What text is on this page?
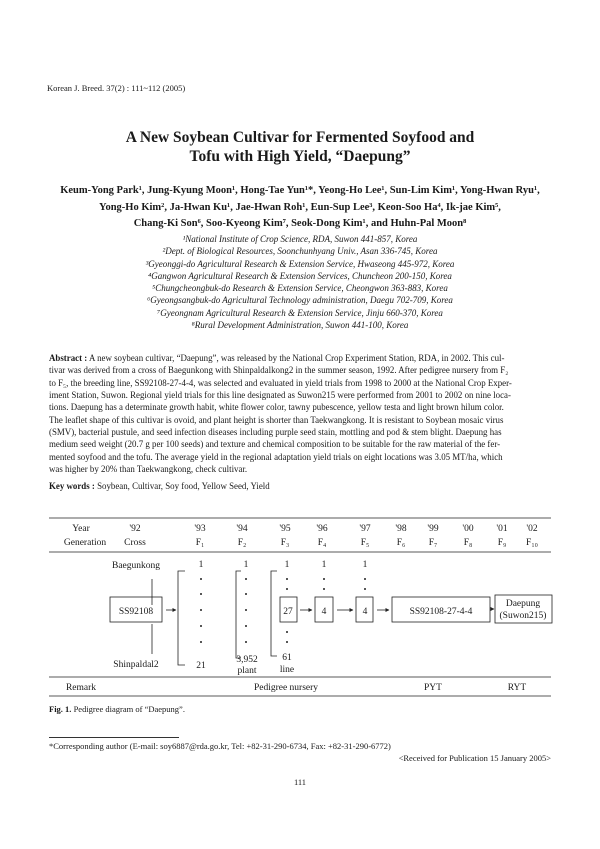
Korean J. Breed. 37(2) : 111~112 (2005)
A New Soybean Cultivar for Fermented Soyfood and
Tofu with High Yield, “Daepung”
Keum-Yong Park¹, Jung-Kyung Moon¹, Hong-Tae Yun¹*, Yeong-Ho Lee¹, Sun-Lim Kim¹, Yong-Hwan Ryu¹,
Yong-Ho Kim², Ja-Hwan Ku¹, Jae-Hwan Roh¹, Eun-Sup Lee³, Keon-Soo Ha⁴, Ik-jae Kim⁵,
Chang-Ki Son⁶, Soo-Kyeong Kim⁷, Seok-Dong Kim¹, and Huhn-Pal Moon⁸
¹National Institute of Crop Science, RDA, Suwon 441-857, Korea
²Dept. of Biological Resources, Soonchunhyang Univ., Asan 336-745, Korea
³Gyeonggi-do Agricultural Research & Extension Service, Hwaseong 445-972, Korea
⁴Gangwon Agricultural Research & Extension Services, Chuncheon 200-150, Korea
⁵Chungcheongbuk-do Research & Extension Service, Cheongwon 363-883, Korea
⁶Gyeongsangbuk-do Agricultural Technology administration, Daegu 702-709, Korea
⁷Gyeongnam Agricultural Research & Extension Service, Jinju 660-370, Korea
⁸Rural Development Administration, Suwon 441-100, Korea
Abstract : A new soybean cultivar, “Daepung”, was released by the National Crop Experiment Station, RDA, in 2002. This cul-
tivar was derived from a cross of Baegunkong with Shinpaldalkong2 in the summer season, 1992. After pedigree nursery from F₂
to F₅, the breeding line, SS92108-27-4-4, was selected and evaluated in yield trials from 1998 to 2000 at the National Crop Exper-
iment Station, Suwon. Regional yield trials for this line designated as Suwon215 were performed from 2001 to 2002 on nine loca-
tions. Daepung has a determinate growth habit, white flower color, tawny pubescence, yellow testa and light brown hilum color.
The leaflet shape of this cultivar is ovoid, and plant height is shorter than Taekwangkong. It is resistant to Soybean mosaic virus
(SMV), bacterial pustule, and seed infection diseases including purple seed stain, mottling and pod & stem blight. Daepung has
medium seed weight (20.7 g per 100 seeds) and texture and chemical composition to be suitable for the raw material of the fer-
mented soyfood and the tofu. The average yield in the regional adaptation yield trials on eight locations was 3.05 MT/ha, which
was higher by 20% than Taekwangkong, check cultivar.
Key words : Soybean, Cultivar, Soy food, Yellow Seed, Yield
Year	'92	'93	'94	'95	'96	'97	'98 '99	'00 '01 '02
Generation Cross	F₁	F₂	F₃	F₄	F₅	F₆ F₇	F₈	F₉ F₁₀
Baegunkong
Shinpaldal2
SS92108
1
21
1
3,952
plant
1
27
61
line
1
4
1
4	SS92108-27-4-4
Daepung
(Suwon215)
Remark	Pedigree nursery	PYT	RYT
Fig. 1. Pedigree diagram of “Daepung”.
*Corresponding author (E-mail: soy6887@rda.go.kr, Tel: +82-31-290-6734, Fax: +82-31-290-6772)
<Received for Publication 15 January 2005>
111
